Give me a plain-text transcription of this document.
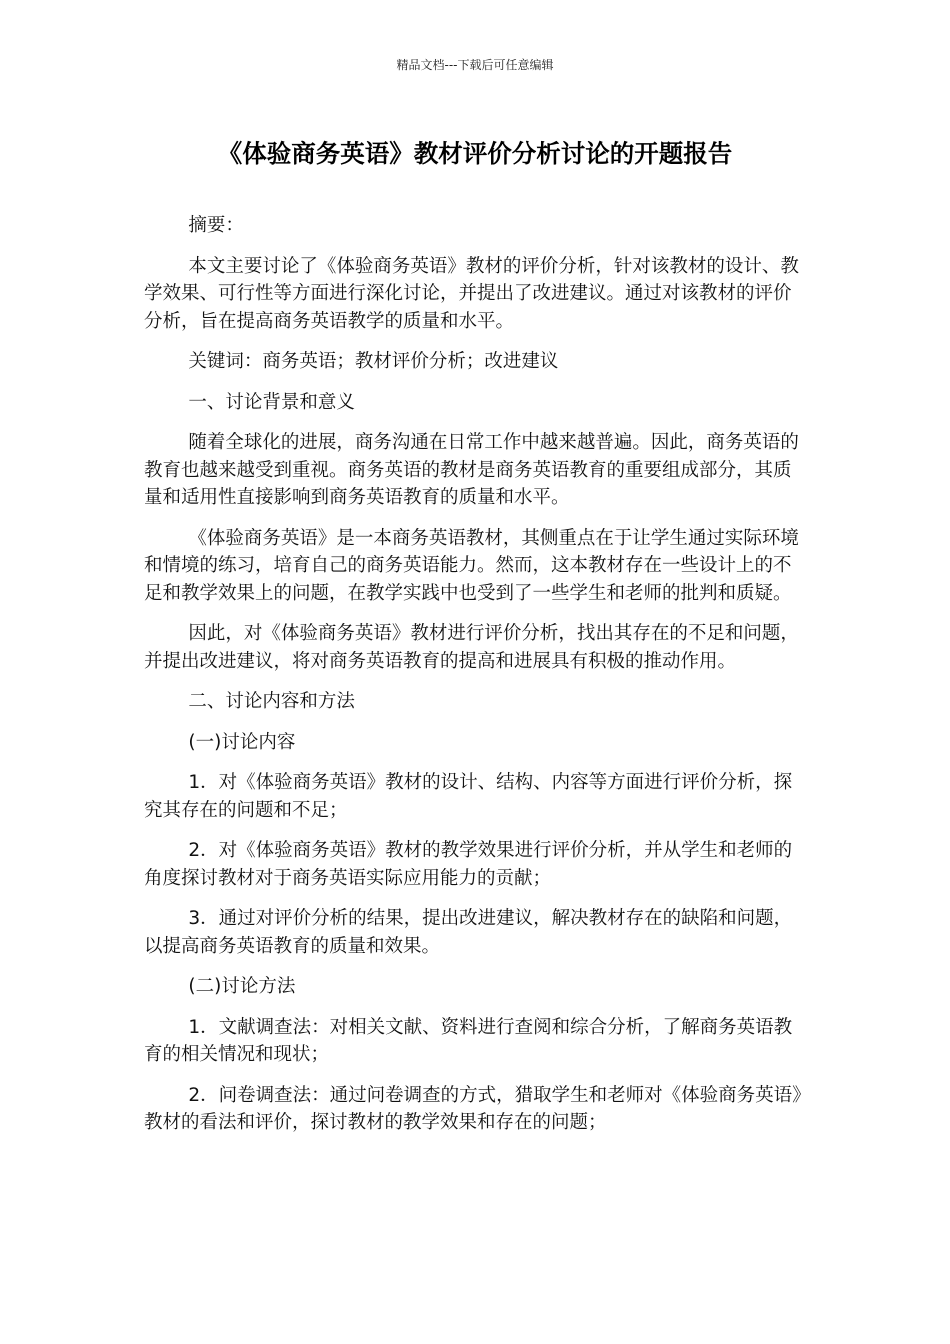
精品文档---下载后可任意编辑
《体验商务英语》教材评价分析讨论的开题报告

摘要：

本文主要讨论了《体验商务英语》教材的评价分析，针对该教材的设计、教学效果、可行性等方面进行深化讨论，并提出了改进建议。通过对该教材的评价分析，旨在提高商务英语教学的质量和水平。

关键词：商务英语；教材评价分析；改进建议

一、讨论背景和意义

随着全球化的进展，商务沟通在日常工作中越来越普遍。因此，商务英语的教育也越来越受到重视。商务英语的教材是商务英语教育的重要组成部分，其质量和适用性直接影响到商务英语教育的质量和水平。

《体验商务英语》是一本商务英语教材，其侧重点在于让学生通过实际环境和情境的练习，培育自己的商务英语能力。然而，这本教材存在一些设计上的不足和教学效果上的问题，在教学实践中也受到了一些学生和老师的批判和质疑。

因此，对《体验商务英语》教材进行评价分析，找出其存在的不足和问题，并提出改进建议，将对商务英语教育的提高和进展具有积极的推动作用。

二、讨论内容和方法

(一)讨论内容

1．对《体验商务英语》教材的设计、结构、内容等方面进行评价分析，探究其存在的问题和不足；

2．对《体验商务英语》教材的教学效果进行评价分析，并从学生和老师的角度探讨教材对于商务英语实际应用能力的贡献；

3．通过对评价分析的结果，提出改进建议，解决教材存在的缺陷和问题，以提高商务英语教育的质量和效果。

(二)讨论方法

1．文献调查法：对相关文献、资料进行查阅和综合分析，了解商务英语教育的相关情况和现状；

2．问卷调查法：通过问卷调查的方式，猎取学生和老师对《体验商务英语》教材的看法和评价，探讨教材的教学效果和存在的问题；
